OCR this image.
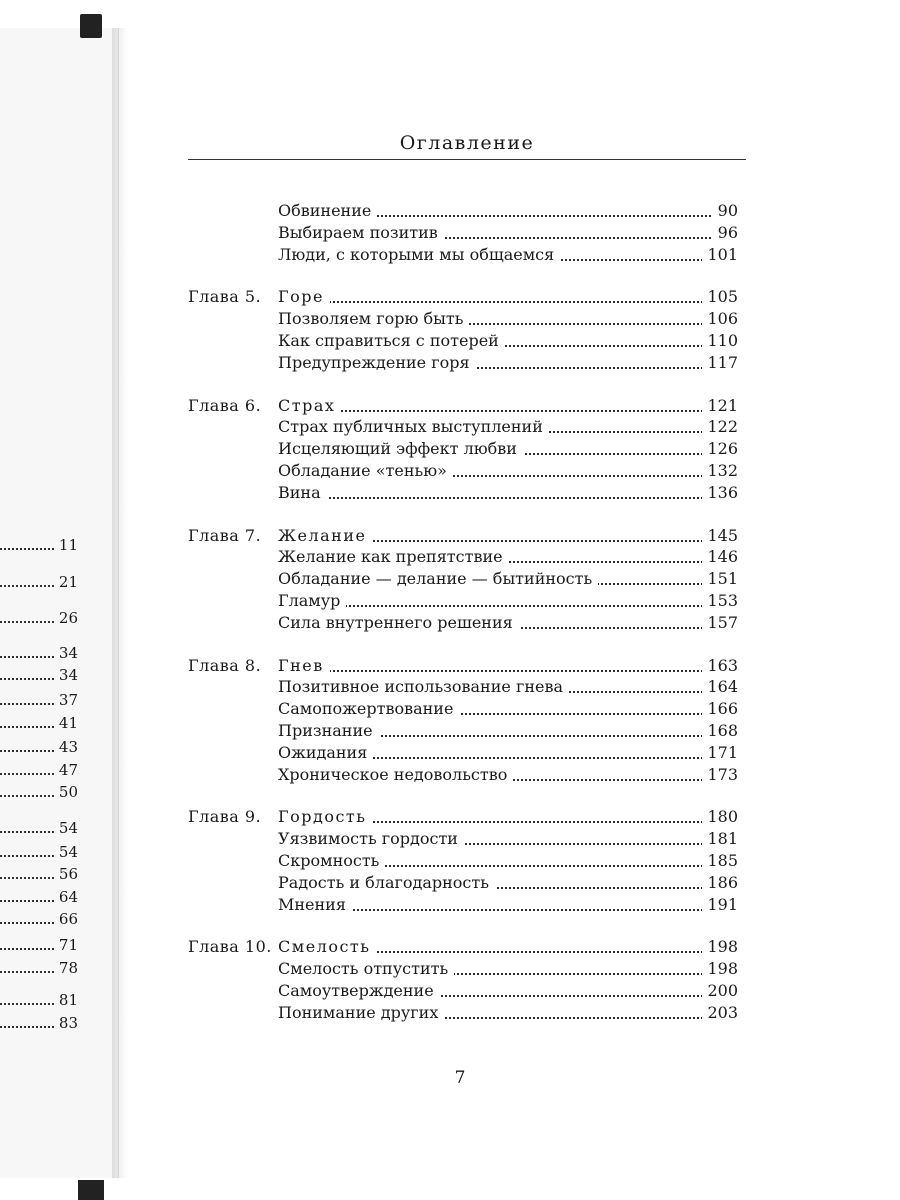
11
21
26
34
34
37
41
43
47
50
54
54
56
64
66
71
78
81
83
Оглавление
Обвинение	90
Выбираем позитив	96
Люди, с которыми мы общаемся	101
Глава 5. Горе	105
Позволяем горю быть	106
Как справиться с потерей	110
Предупреждение горя	117
Глава 6. Страх	121
Страх публичных выступлений	122
Исцеляющий эффект любви	126
Обладание «тенью»	132
Вина	136
Глава 7. Желание	145
Желание как препятствие	146
Обладание — делание — бытийность	151
Гламур	153
Сила внутреннего решения	157
Глава 8. Гнев	163
Позитивное использование гнева	164
Самопожертвование	166
Признание	168
Ожидания	171
Хроническое недовольство	173
Глава 9. Гордость	180
Уязвимость гордости	181
Скромность	185
Радость и благодарность	186
Мнения	191
Глава 10. Смелость	198
Смелость отпустить	198
Самоутверждение	200
Понимание других	203
7
